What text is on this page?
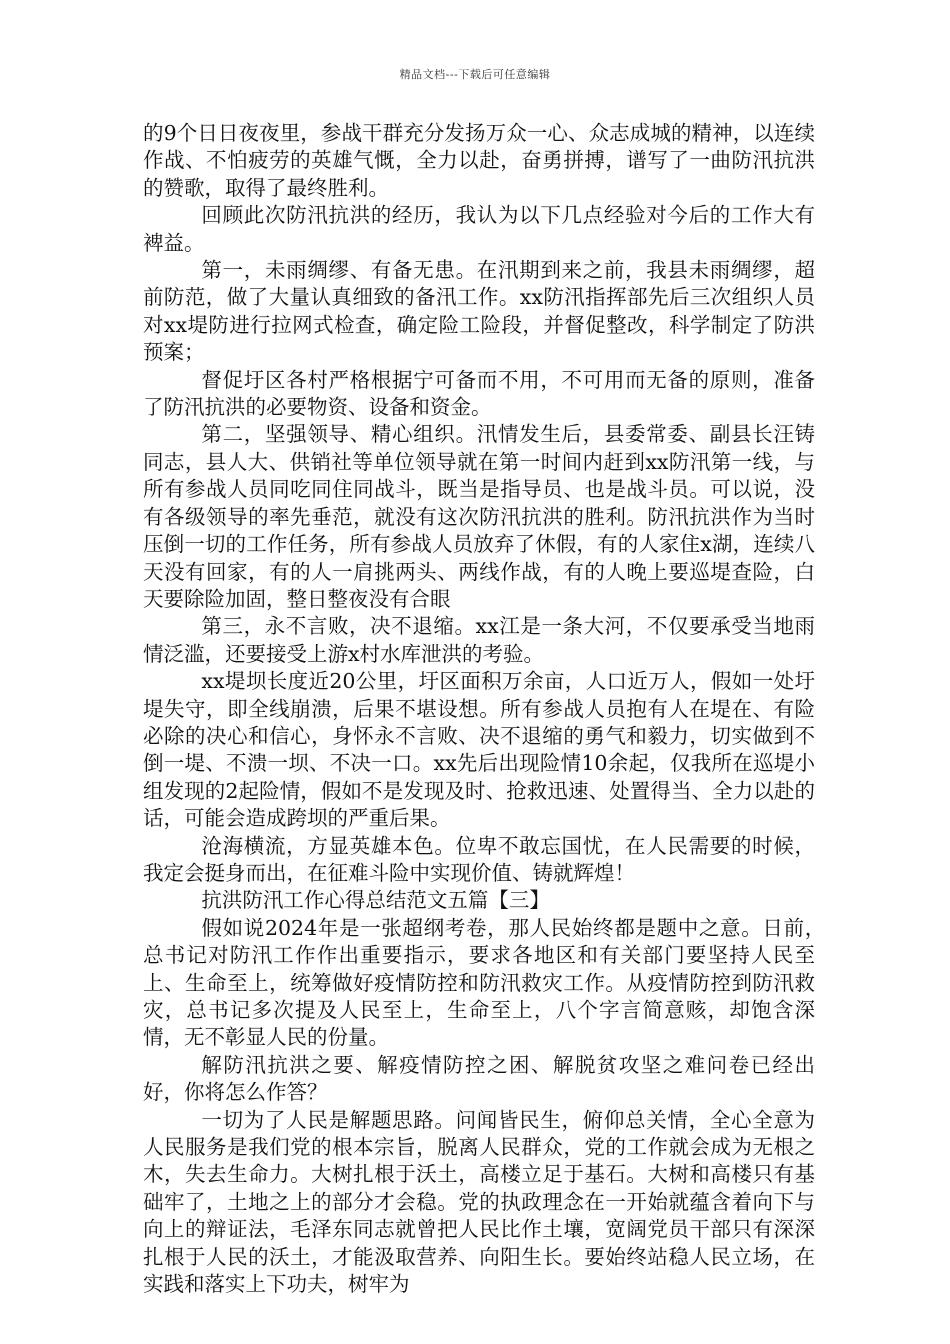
精品文档---下载后可任意编辑

的9个日日夜夜里，参战干群充分发扬万众一心、众志成城的精神，以连续作战、不怕疲劳的英雄气慨，全力以赴，奋勇拼搏，谱写了一曲防汛抗洪的赞歌，取得了最终胜利。

回顾此次防汛抗洪的经历，我认为以下几点经验对今后的工作大有裨益。

第一，未雨绸缪、有备无患。在汛期到来之前，我县未雨绸缪，超前防范，做了大量认真细致的备汛工作。xx防汛指挥部先后三次组织人员对xx堤防进行拉网式检查，确定险工险段，并督促整改，科学制定了防洪预案；

督促圩区各村严格根据宁可备而不用，不可用而无备的原则，准备了防汛抗洪的必要物资、设备和资金。

第二，坚强领导、精心组织。汛情发生后，县委常委、副县长汪铸同志，县人大、供销社等单位领导就在第一时间内赶到xx防汛第一线，与所有参战人员同吃同住同战斗，既当是指导员、也是战斗员。可以说，没有各级领导的率先垂范，就没有这次防汛抗洪的胜利。防汛抗洪作为当时压倒一切的工作任务，所有参战人员放弃了休假，有的人家住x湖，连续八天没有回家，有的人一肩挑两头、两线作战，有的人晚上要巡堤查险，白天要除险加固，整日整夜没有合眼

第三，永不言败，决不退缩。xx江是一条大河，不仅要承受当地雨情泛滥，还要接受上游x村水库泄洪的考验。

xx堤坝长度近20公里，圩区面积万余亩，人口近万人，假如一处圩堤失守，即全线崩溃，后果不堪设想。所有参战人员抱有人在堤在、有险必除的决心和信心，身怀永不言败、决不退缩的勇气和毅力，切实做到不倒一堤、不溃一坝、不决一口。xx先后出现险情10余起，仅我所在巡堤小组发现的2起险情，假如不是发现及时、抢救迅速、处置得当、全力以赴的话，可能会造成跨坝的严重后果。

沧海横流，方显英雄本色。位卑不敢忘国忧，在人民需要的时候，我定会挺身而出，在征难斗险中实现价值、铸就辉煌！

抗洪防汛工作心得总结范文五篇【三】

假如说2024年是一张超纲考卷，那人民始终都是题中之意。日前，　总书记对防汛工作作出重要指示，要求各地区和有关部门要坚持人民至上、生命至上，统筹做好疫情防控和防汛救灾工作。从疫情防控到防汛救灾，总书记多次提及人民至上，生命至上，八个字言简意赅，却饱含深情，无不彰显人民的份量。

解防汛抗洪之要、解疫情防控之困、解脱贫攻坚之难问卷已经出好，你将怎么作答？

一切为了人民是解题思路。问闻皆民生，俯仰总关情，全心全意为人民服务是我们党的根本宗旨，脱离人民群众，党的工作就会成为无根之木，失去生命力。大树扎根于沃土，高楼立足于基石。大树和高楼只有基础牢了，土地之上的部分才会稳。党的执政理念在一开始就蕴含着向下与向上的辩证法，毛泽东同志就曾把人民比作土壤，宽阔党员干部只有深深扎根于人民的沃土，才能汲取营养、向阳生长。要始终站稳人民立场，在实践和落实上下功夫，树牢为
